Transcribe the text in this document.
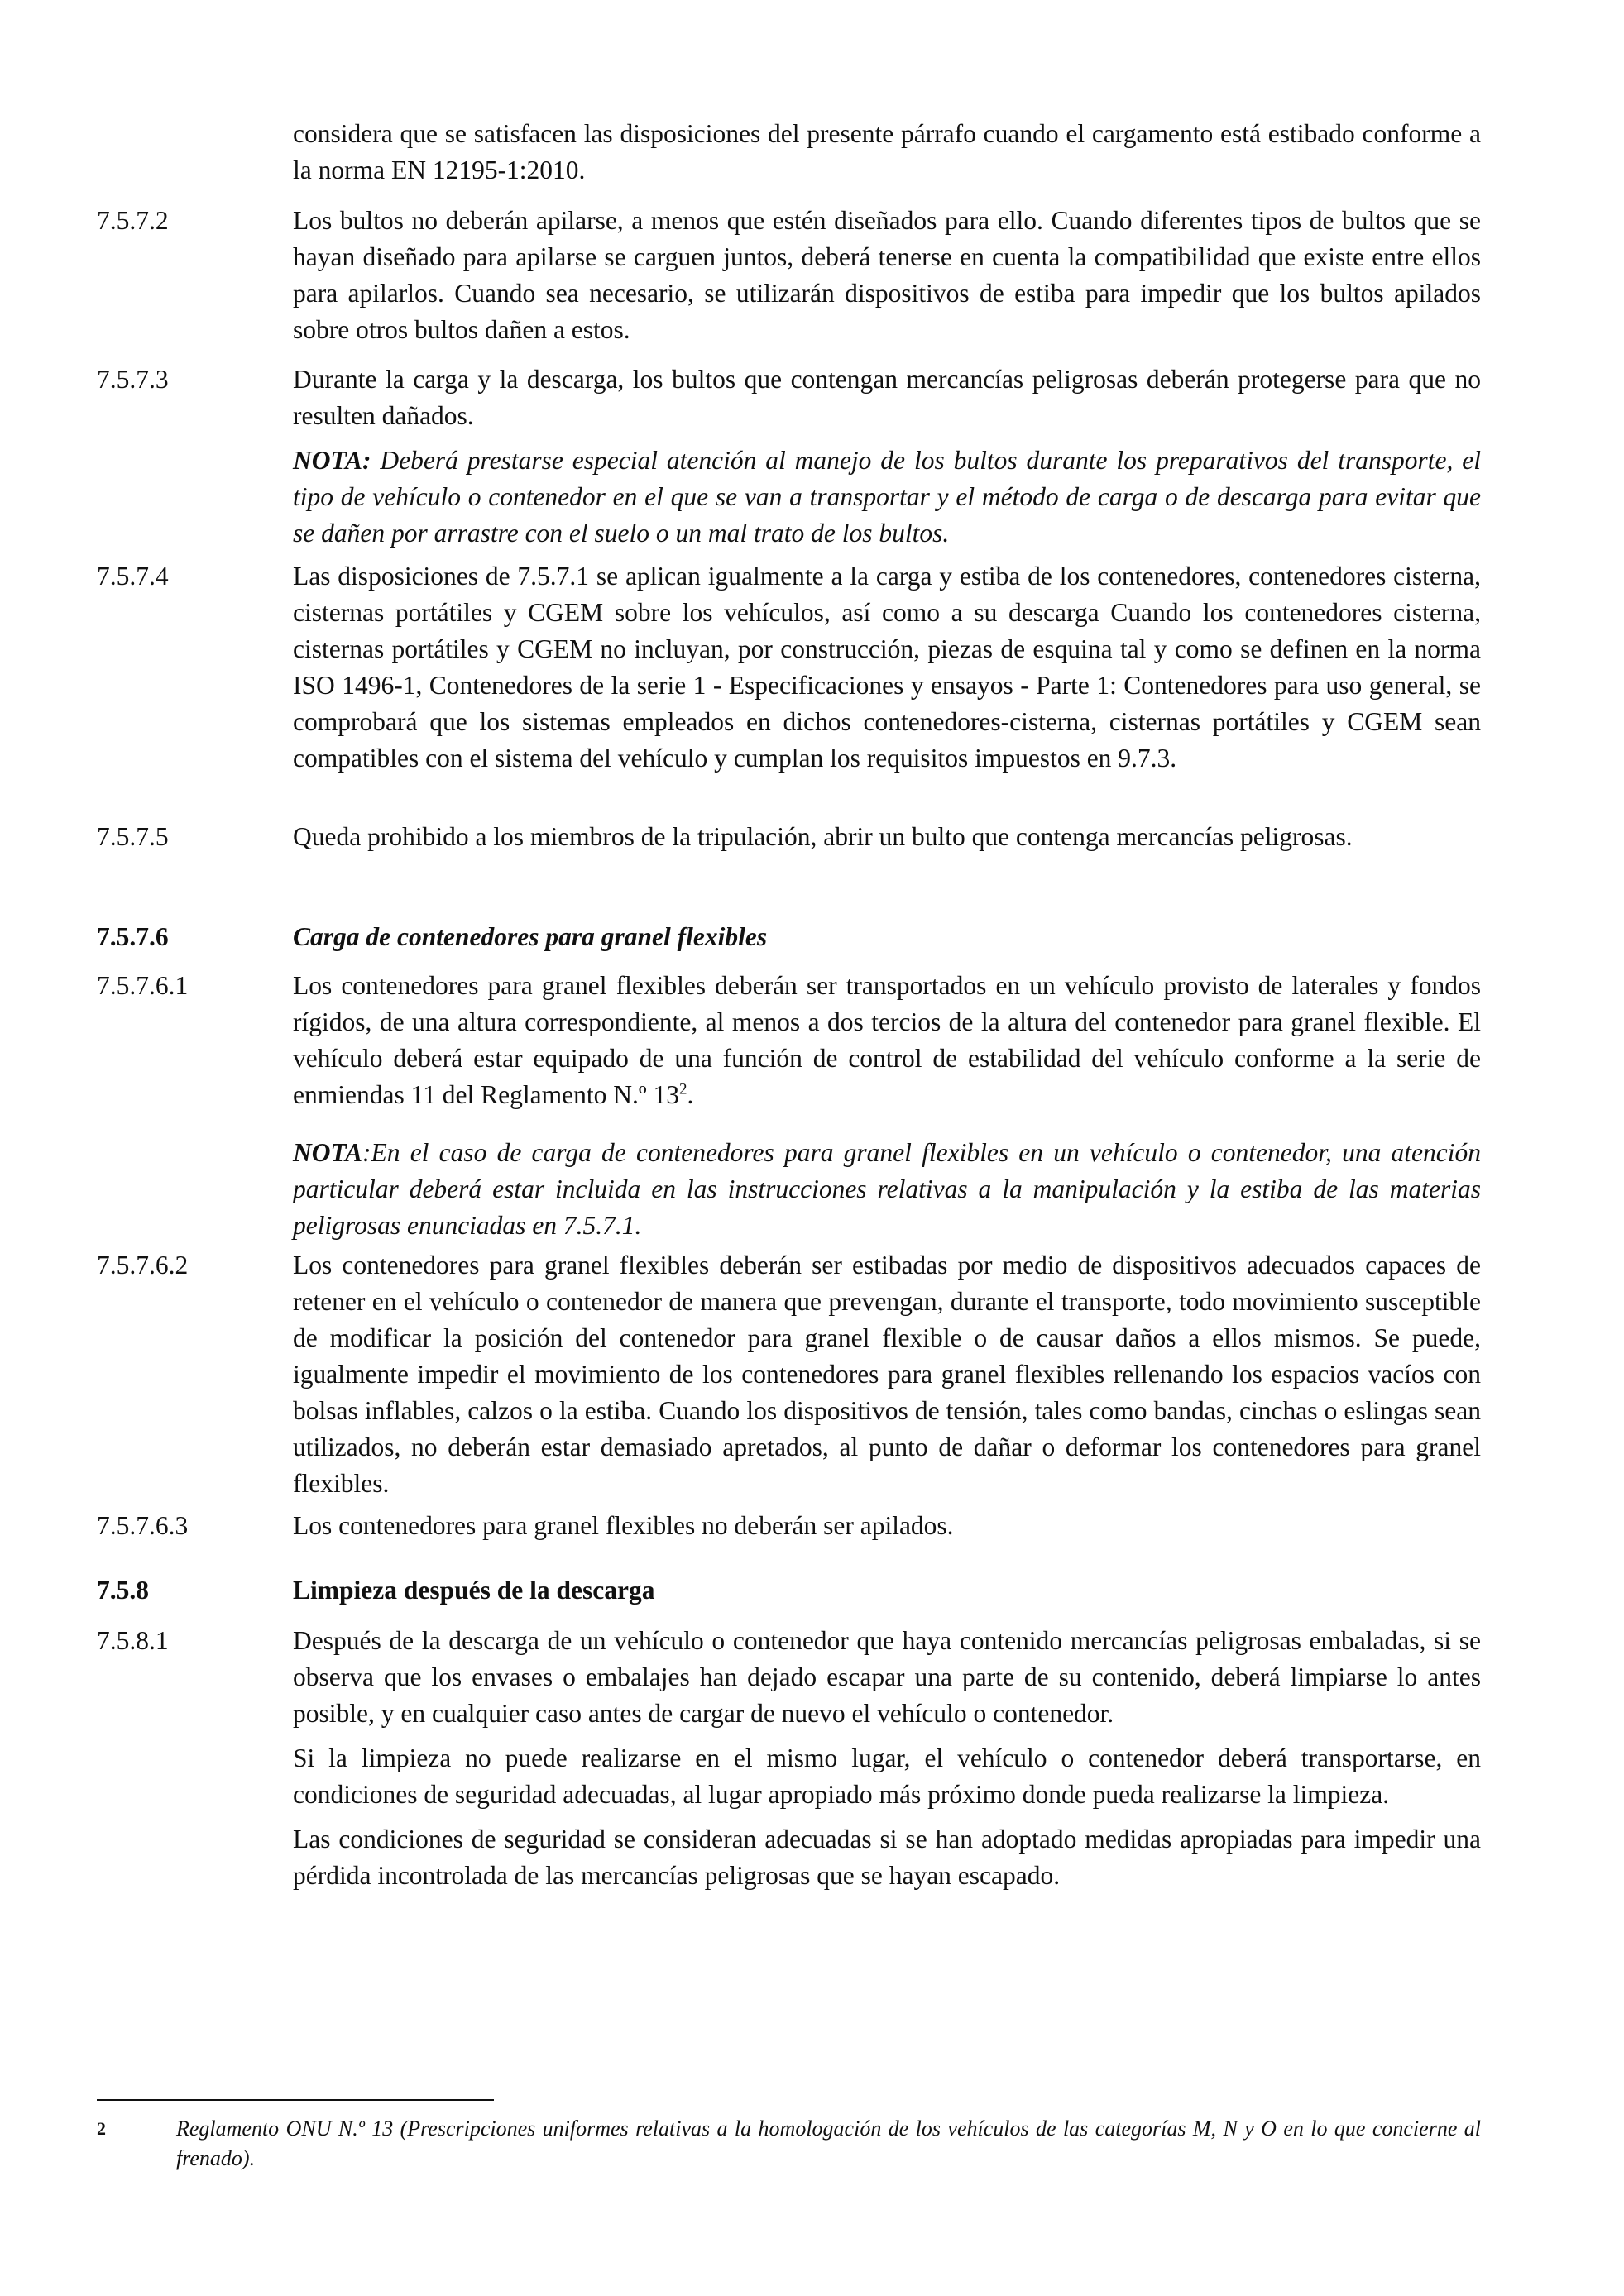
considera que se satisfacen las disposiciones del presente párrafo cuando el cargamento está estibado conforme a la norma EN 12195-1:2010.

7.5.7.2	Los bultos no deberán apilarse, a menos que estén diseñados para ello. Cuando diferentes tipos de bultos que se hayan diseñado para apilarse se carguen juntos, deberá tenerse en cuenta la compatibilidad que existe entre ellos para apilarlos. Cuando sea necesario, se utilizarán dispositivos de estiba para impedir que los bultos apilados sobre otros bultos dañen a estos.

7.5.7.3	Durante la carga y la descarga, los bultos que contengan mercancías peligrosas deberán protegerse para que no resulten dañados.

NOTA: Deberá prestarse especial atención al manejo de los bultos durante los preparativos del transporte, el tipo de vehículo o contenedor en el que se van a transportar y el método de carga o de descarga para evitar que se dañen por arrastre con el suelo o un mal trato de los bultos.

7.5.7.4	Las disposiciones de 7.5.7.1 se aplican igualmente a la carga y estiba de los contenedores, contenedores cisterna, cisternas portátiles y CGEM sobre los vehículos, así como a su descarga Cuando los contenedores cisterna, cisternas portátiles y CGEM no incluyan, por construcción, piezas de esquina tal y como se definen en la norma ISO 1496-1, Contenedores de la serie 1 - Especificaciones y ensayos - Parte 1: Contenedores para uso general, se comprobará que los sistemas empleados en dichos contenedores-cisterna, cisternas portátiles y CGEM sean compatibles con el sistema del vehículo y cumplan los requisitos impuestos en 9.7.3.

7.5.7.5	Queda prohibido a los miembros de la tripulación, abrir un bulto que contenga mercancías peligrosas.

7.5.7.6	Carga de contenedores para granel flexibles
7.5.7.6.1	Los contenedores para granel flexibles deberán ser transportados en un vehículo provisto de laterales y fondos rígidos, de una altura correspondiente, al menos a dos tercios de la altura del contenedor para granel flexible. El vehículo deberá estar equipado de una función de control de estabilidad del vehículo conforme a la serie de enmiendas 11 del Reglamento N.º $13^2$.

NOTA:En el caso de carga de contenedores para granel flexibles en un vehículo o contenedor, una atención particular deberá estar incluida en las instrucciones relativas a la manipulación y la estiba de las materias peligrosas enunciadas en 7.5.7.1.

7.5.7.6.2	Los contenedores para granel flexibles deberán ser estibadas por medio de dispositivos adecuados capaces de retener en el vehículo o contenedor de manera que prevengan, durante el transporte, todo movimiento susceptible de modificar la posición del contenedor para granel flexible o de causar daños a ellos mismos. Se puede, igualmente impedir el movimiento de los contenedores para granel flexibles rellenando los espacios vacíos con bolsas inflables, calzos o la estiba. Cuando los dispositivos de tensión, tales como bandas, cinchas o eslingas sean utilizados, no deberán estar demasiado apretados, al punto de dañar o deformar los contenedores para granel flexibles.

7.5.7.6.3	Los contenedores para granel flexibles no deberán ser apilados.

7.5.8	Limpieza después de la descarga
7.5.8.1	Después de la descarga de un vehículo o contenedor que haya contenido mercancías peligrosas embaladas, si se observa que los envases o embalajes han dejado escapar una parte de su contenido, deberá limpiarse lo antes posible, y en cualquier caso antes de cargar de nuevo el vehículo o contenedor.

Si la limpieza no puede realizarse en el mismo lugar, el vehículo o contenedor deberá transportarse, en condiciones de seguridad adecuadas, al lugar apropiado más próximo donde pueda realizarse la limpieza.

Las condiciones de seguridad se consideran adecuadas si se han adoptado medidas apropiadas para impedir una pérdida incontrolada de las mercancías peligrosas que se hayan escapado.

2	Reglamento ONU N.º 13 (Prescripciones uniformes relativas a la homologación de los vehículos de las categorías M, N y O en lo que concierne al frenado).
